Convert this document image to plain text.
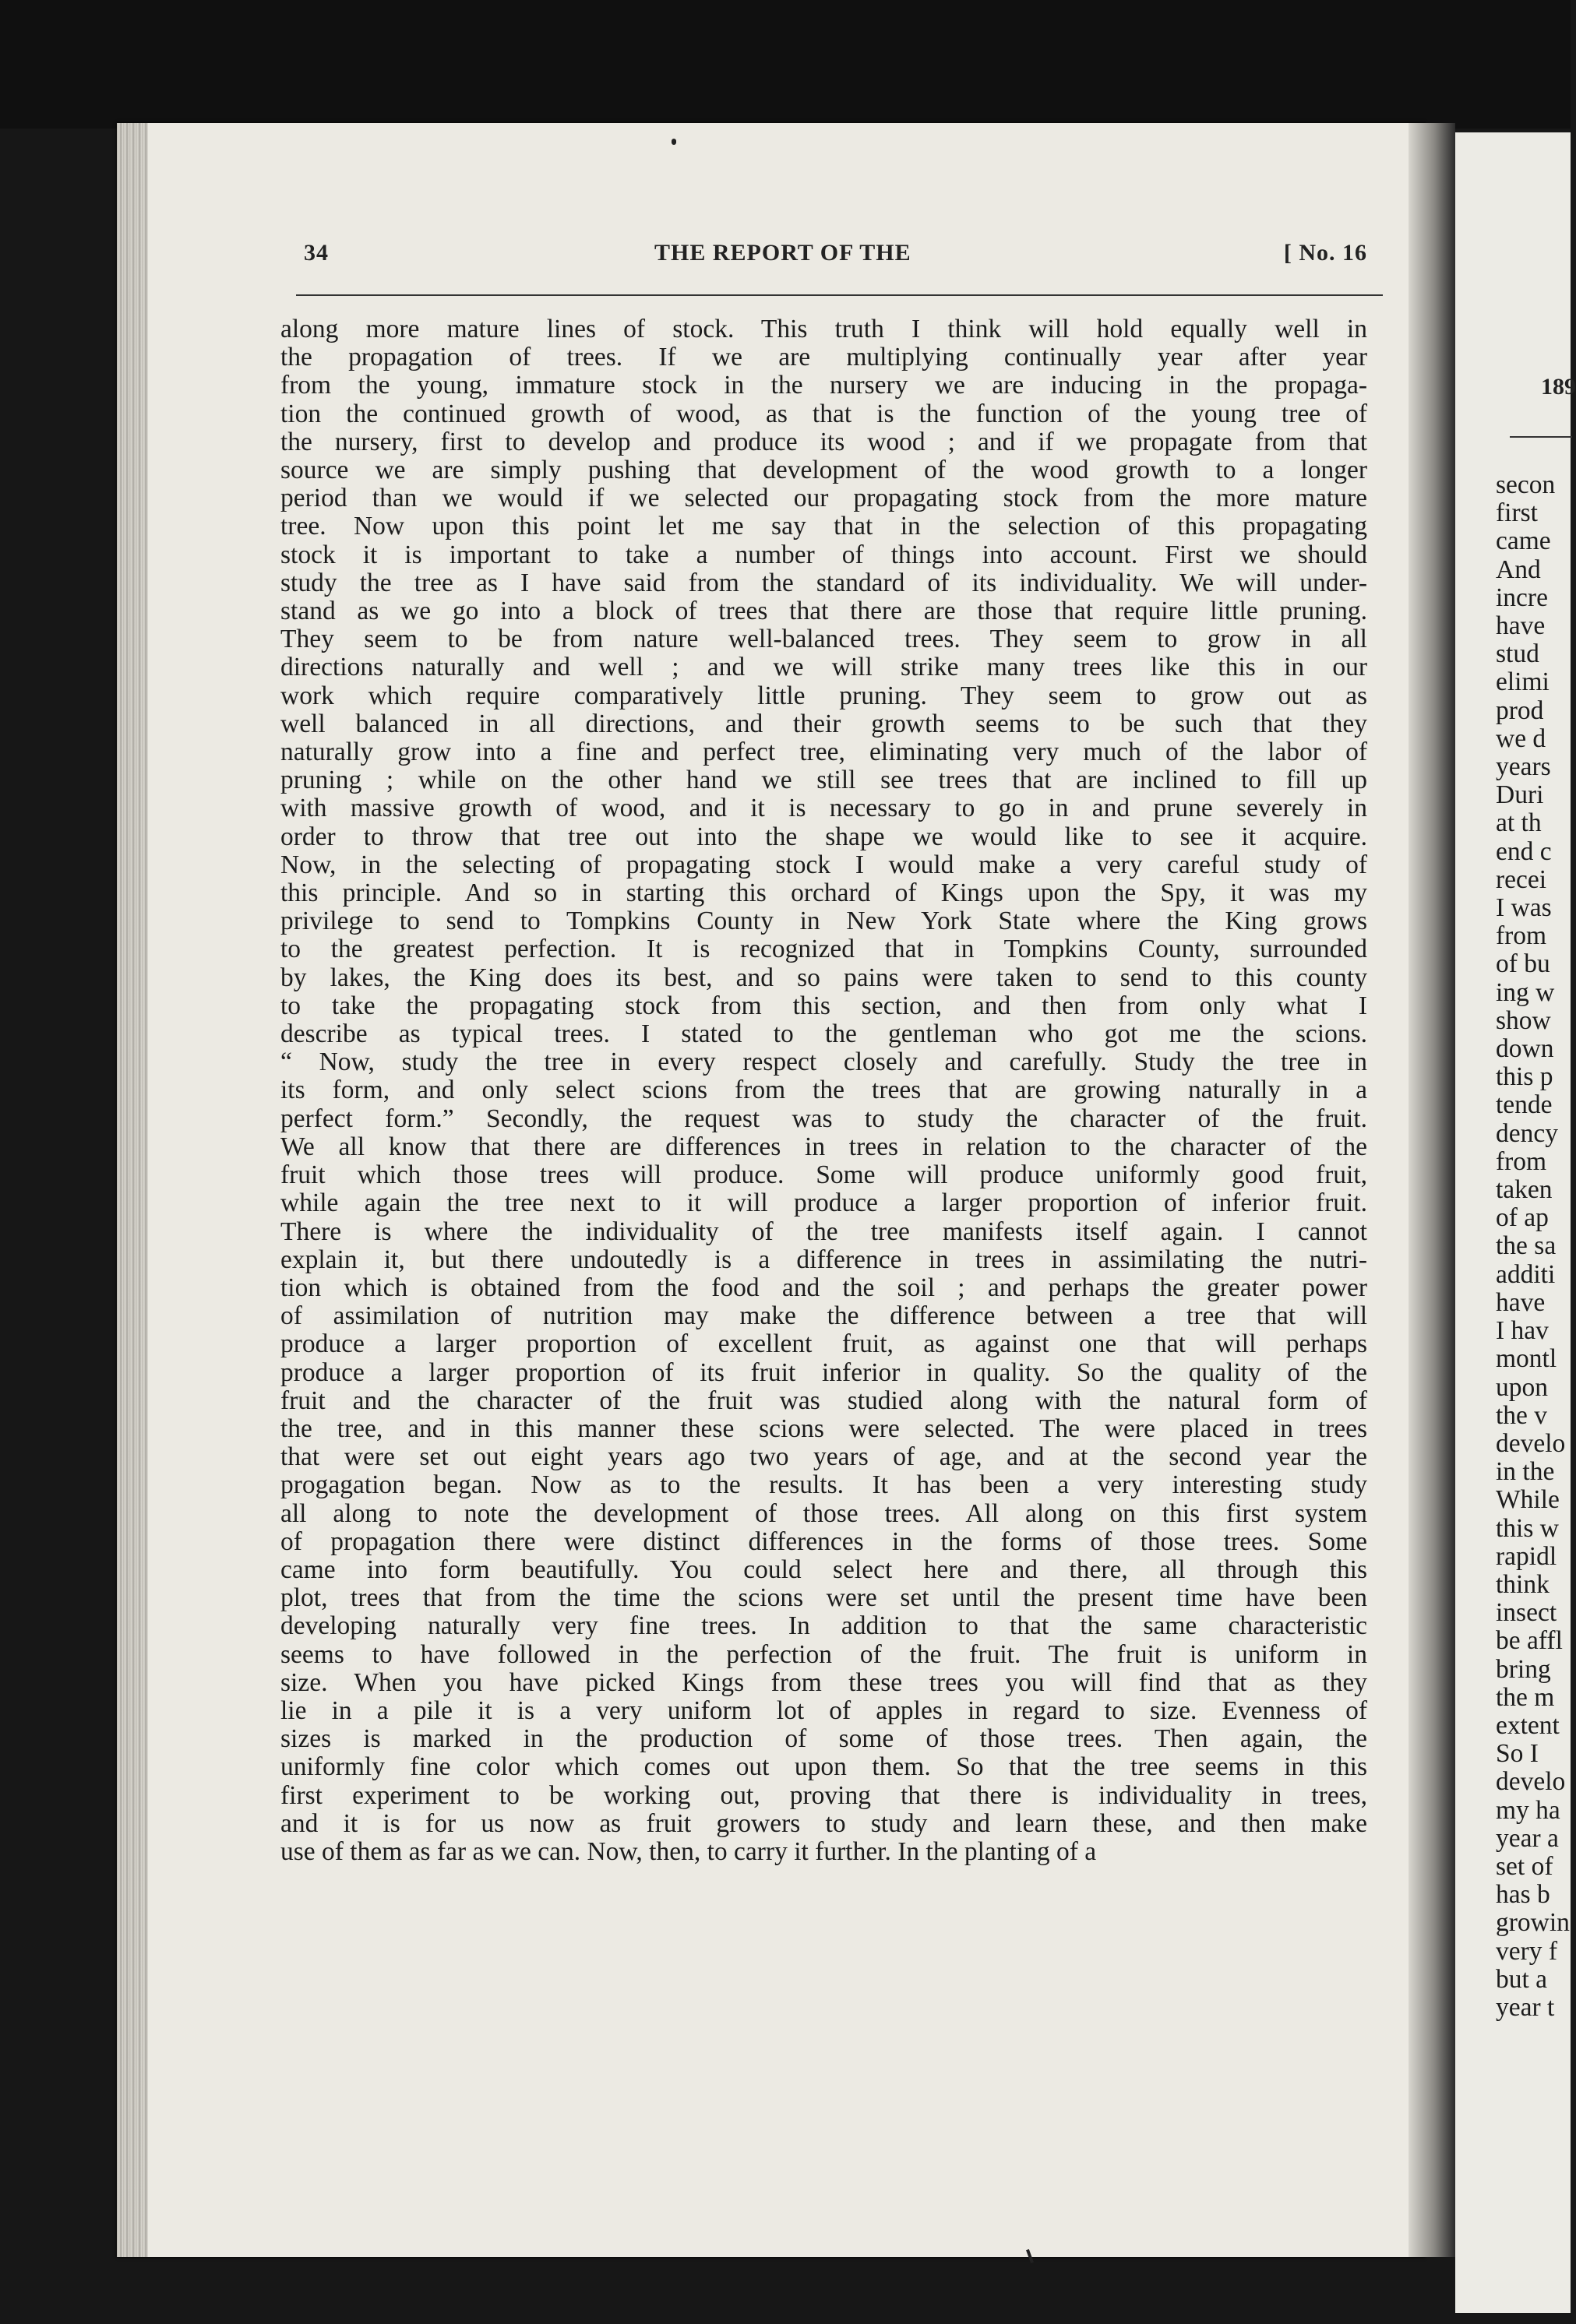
34	THE REPORT OF THE	[ No. 16
along more mature lines of stock. This truth I think will hold equally well in
the propagation of trees. If we are multiplying continually year after year
from the young, immature stock in the nursery we are inducing in the propaga-
tion the continued growth of wood, as that is the function of the young tree of
the nursery, first to develop and produce its wood ; and if we propagate from that
source we are simply pushing that development of the wood growth to a longer
period than we would if we selected our propagating stock from the more mature
tree. Now upon this point let me say that in the selection of this propagating
stock it is important to take a number of things into account. First we should
study the tree as I have said from the standard of its individuality. We will under-
stand as we go into a block of trees that there are those that require little pruning.
They seem to be from nature well-balanced trees. They seem to grow in all
directions naturally and well ; and we will strike many trees like this in our
work which require comparatively little pruning. They seem to grow out as
well balanced in all directions, and their growth seems to be such that they
naturally grow into a fine and perfect tree, eliminating very much of the labor of
pruning ; while on the other hand we still see trees that are inclined to fill up
with massive growth of wood, and it is necessary to go in and prune severely in
order to throw that tree out into the shape we would like to see it acquire.
Now, in the selecting of propagating stock I would make a very careful study of
this principle. And so in starting this orchard of Kings upon the Spy, it was my
privilege to send to Tompkins County in New York State where the King grows
to the greatest perfection. It is recognized that in Tompkins County, surrounded
by lakes, the King does its best, and so pains were taken to send to this county
to take the propagating stock from this section, and then from only what I
describe as typical trees. I stated to the gentleman who got me the scions.
“ Now, study the tree in every respect closely and carefully. Study the tree in
its form, and only select scions from the trees that are growing naturally in a
perfect form.” Secondly, the request was to study the character of the fruit.
We all know that there are differences in trees in relation to the character of the
fruit which those trees will produce. Some will produce uniformly good fruit,
while again the tree next to it will produce a larger proportion of inferior fruit.
There is where the individuality of the tree manifests itself again. I cannot
explain it, but there undoutedly is a difference in trees in assimilating the nutri-
tion which is obtained from the food and the soil ; and perhaps the greater power
of assimilation of nutrition may make the difference between a tree that will
produce a larger proportion of excellent fruit, as against one that will perhaps
produce a larger proportion of its fruit inferior in quality. So the quality of the
fruit and the character of the fruit was studied along with the natural form of
the tree, and in this manner these scions were selected. The were placed in trees
that were set out eight years ago two years of age, and at the second year the
progagation began. Now as to the results. It has been a very interesting study
all along to note the development of those trees. All along on this first system
of propagation there were distinct differences in the forms of those trees. Some
came into form beautifully. You could select here and there, all through this
plot, trees that from the time the scions were set until the present time have been
developing naturally very fine trees. In addition to that the same characteristic
seems to have followed in the perfection of the fruit. The fruit is uniform in
size. When you have picked Kings from these trees you will find that as they
lie in a pile it is a very uniform lot of apples in regard to size. Evenness of
sizes is marked in the production of some of those trees. Then again, the
uniformly fine color which comes out upon them. So that the tree seems in this
first experiment to be working out, proving that there is individuality in trees,
and it is for us now as fruit growers to study and learn these, and then make
use of them as far as we can. Now, then, to carry it further. In the planting of a
189
secon
first
came
And
incre
have
stud
elimi
prod
we d
years
Duri
at th
end c
recei
I was
from
of bu
ing w
show
down
this p
tende
dency
from
taken
of ap
the sa
additi
have
I hav
montl
upon
the v
develo
in the
While
this w
rapidl
think
insect
be affl
bring
the m
extent
So I
develo
my ha
year a
set of
has b
growin
very f
but a
year t
